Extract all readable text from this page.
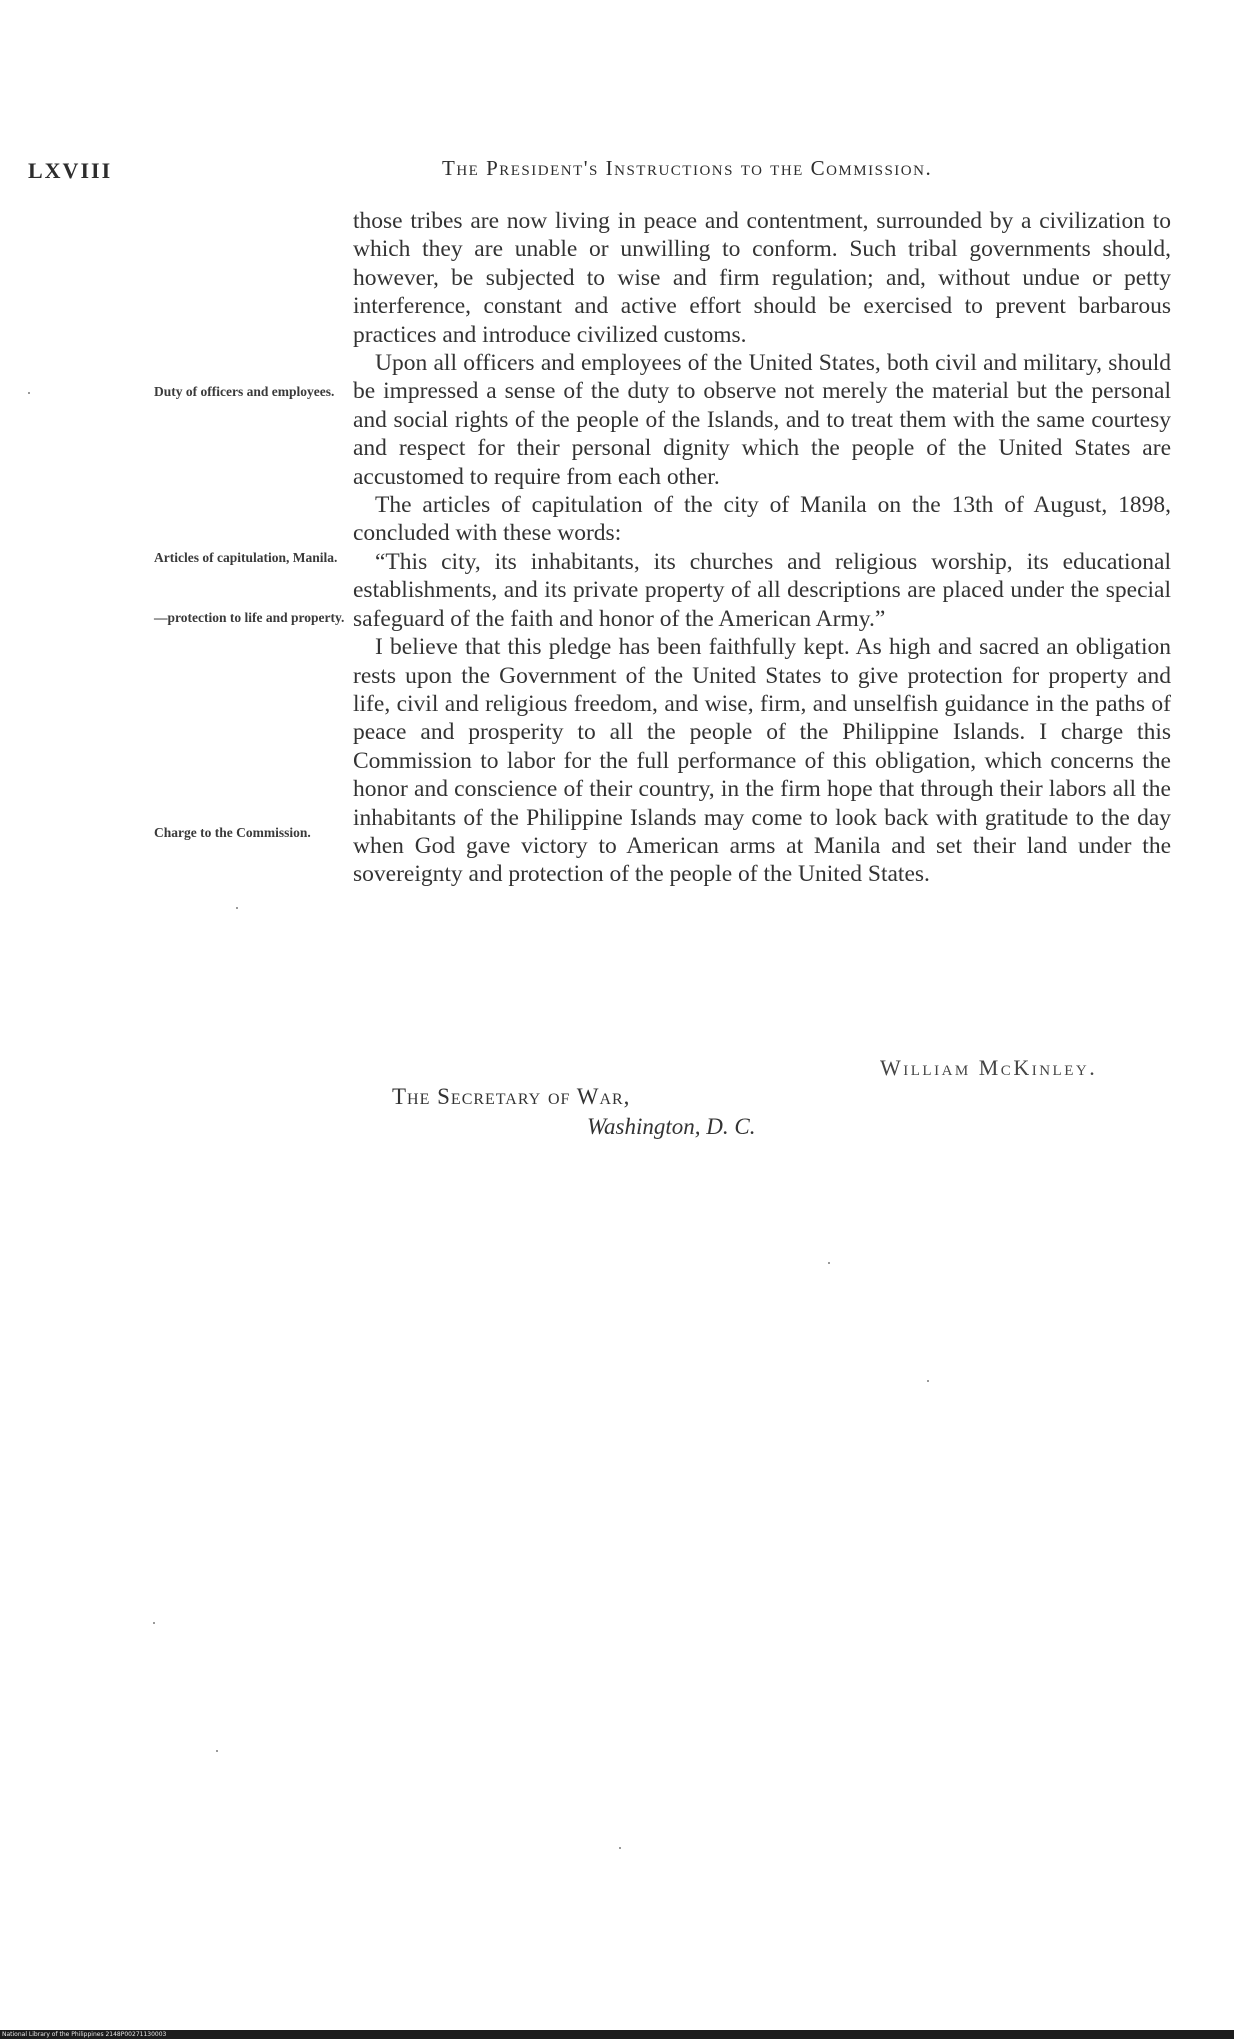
LXVIII	The President's Instructions to the Commission.
Duty of officers and employees.
Articles of capitulation, Manila.
—protection to life and property.
Charge to the Commission.

those tribes are now living in peace and contentment, surrounded by a civilization to which they are unable or unwilling to conform. Such tribal governments should, however, be subjected to wise and firm regulation; and, without undue or petty interference, constant and active effort should be exercised to prevent barbarous practices and introduce civilized customs.

Upon all officers and employees of the United States, both civil and military, should be impressed a sense of the duty to observe not merely the material but the personal and social rights of the people of the Islands, and to treat them with the same courtesy and respect for their personal dignity which the people of the United States are accustomed to require from each other.

The articles of capitulation of the city of Manila on the 13th of August, 1898, concluded with these words:

“This city, its inhabitants, its churches and religious worship, its educational establishments, and its private property of all descriptions are placed under the special safeguard of the faith and honor of the American Army.”

I believe that this pledge has been faithfully kept. As high and sacred an obligation rests upon the Government of the United States to give protection for property and life, civil and religious freedom, and wise, firm, and unselfish guidance in the paths of peace and prosperity to all the people of the Philippine Islands. I charge this Commission to labor for the full performance of this obligation, which concerns the honor and conscience of their country, in the firm hope that through their labors all the inhabitants of the Philippine Islands may come to look back with gratitude to the day when God gave victory to American arms at Manila and set their land under the sovereignty and protection of the people of the United States.

William McKinley.
The Secretary of War,
Washington, D. C.
National Library of the Philippines 2148P00271130003
